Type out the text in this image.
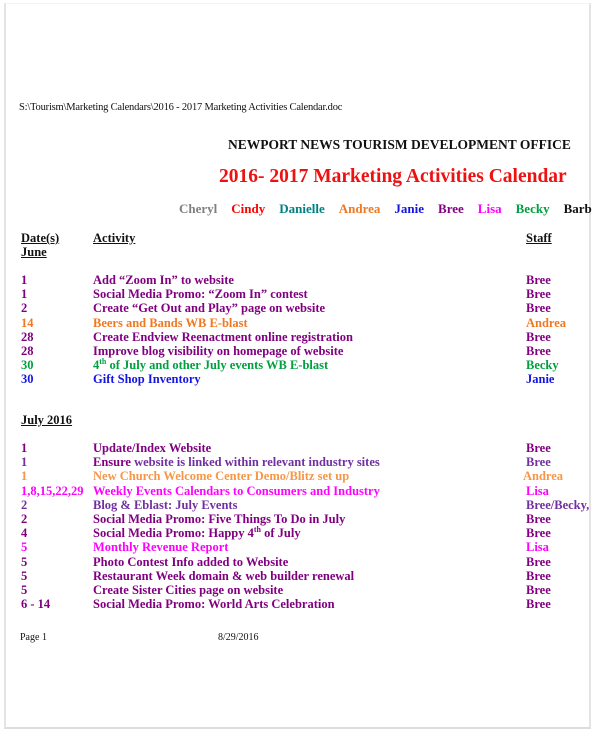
S:\Tourism\Marketing Calendars\2016 - 2017 Marketing Activities Calendar.doc
NEWPORT NEWS TOURISM DEVELOPMENT OFFICE
2016- 2017 Marketing Activities Calendar
Cheryl Cindy Danielle Andrea Janie Bree Lisa Becky Barb
Date(s)	Activity	Staff
June
1	Add “Zoom In” to website	Bree
1	Social Media Promo: “Zoom In” contest	Bree
2	Create “Get Out and Play” page on website	Bree
14	Beers and Bands WB E-blast	Andrea
28	Create Endview Reenactment online registration	Bree
28	Improve blog visibility on homepage of website	Bree
30	4th of July and other July events WB E-blast	Becky
30	Gift Shop Inventory	Janie
July 2016
1	Update/Index Website	Bree
1	Ensure website is linked within relevant industry sites	Bree
1	New Church Welcome Center Demo/Blitz set up	Andrea
1,8,15,22,29 Weekly Events Calendars to Consumers and Industry	Lisa
2	Blog & Eblast: July Events	Bree/Becky,
2	Social Media Promo: Five Things To Do in July	Bree
4	Social Media Promo: Happy 4th of July	Bree
5	Monthly Revenue Report	Lisa
5	Photo Contest Info added to Website	Bree
5	Restaurant Week domain & web builder renewal	Bree
5	Create Sister Cities page on website	Bree
6 - 14	Social Media Promo: World Arts Celebration	Bree
Page 1	8/29/2016
